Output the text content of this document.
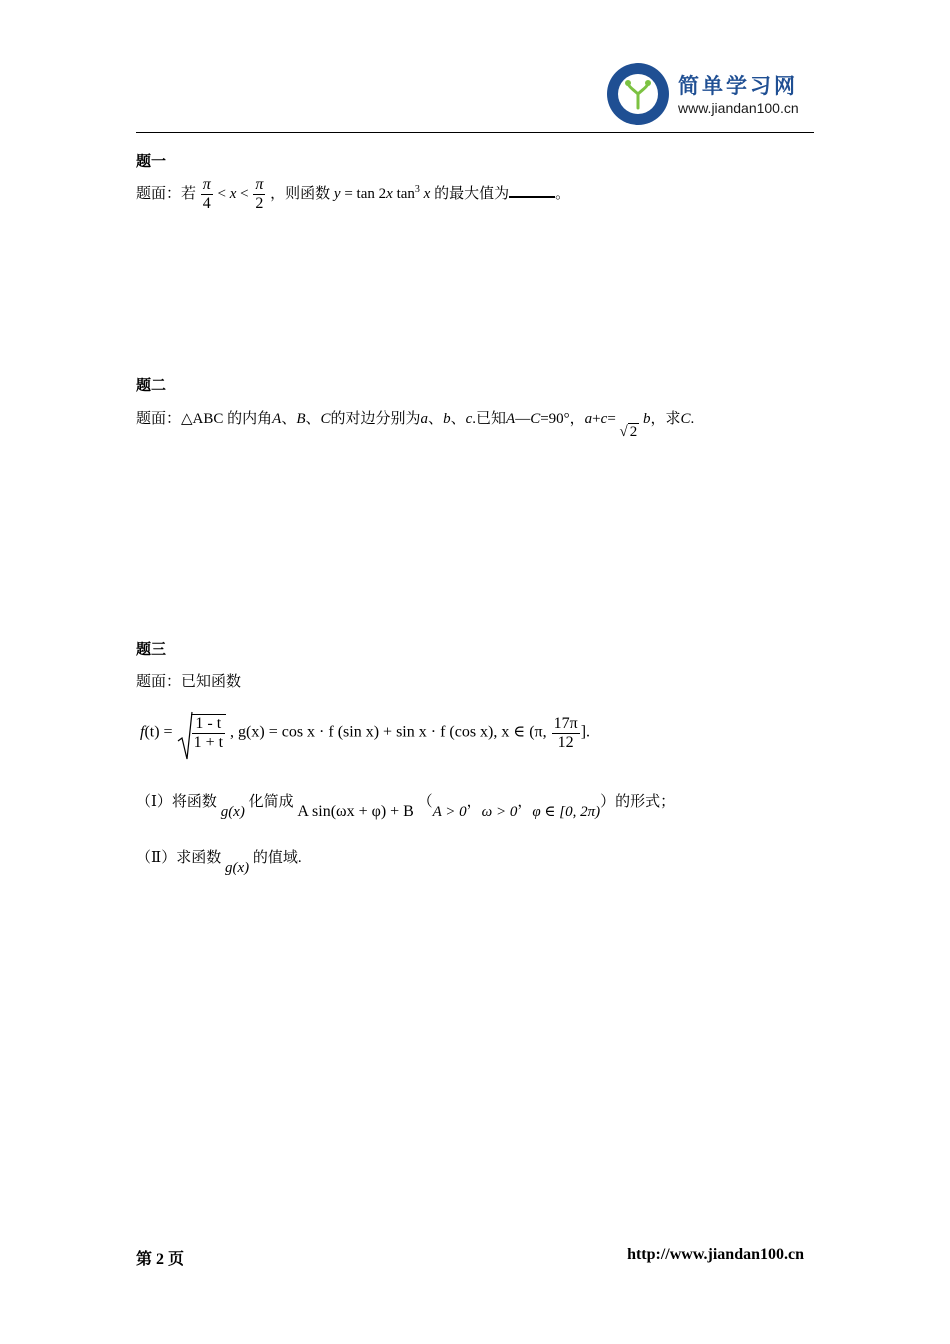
简单学习网
www.jiandan100.cn
题一
题面：若 $\frac{\pi}{4} < x < \frac{\pi}{2}$ ，则函数 y = tan 2x $\tan^3 x$ 的最大值为	。
题二
题面：△ABC 的内角A、B、C的对边分别为a、b、c.已知A—C=90°，a+c= √ 2 b，求C.
题三
题面：已知函数
$f(t) = \frac{1 - t}{1 + t}$ , g(x) = cos x · f (sin x) + sin x · f (cos x), x ∈ (π, $\frac{17\pi}{12}$ ].
（Ⅰ）将函数 g(x) 化简成 A sin(ωx + φ) + B （A > 0，ω > 0，φ ∈ [0, 2π)）的形式；
（Ⅱ）求函数 g(x) 的值域.
第 2 页	http://www.jiandan100.cn
